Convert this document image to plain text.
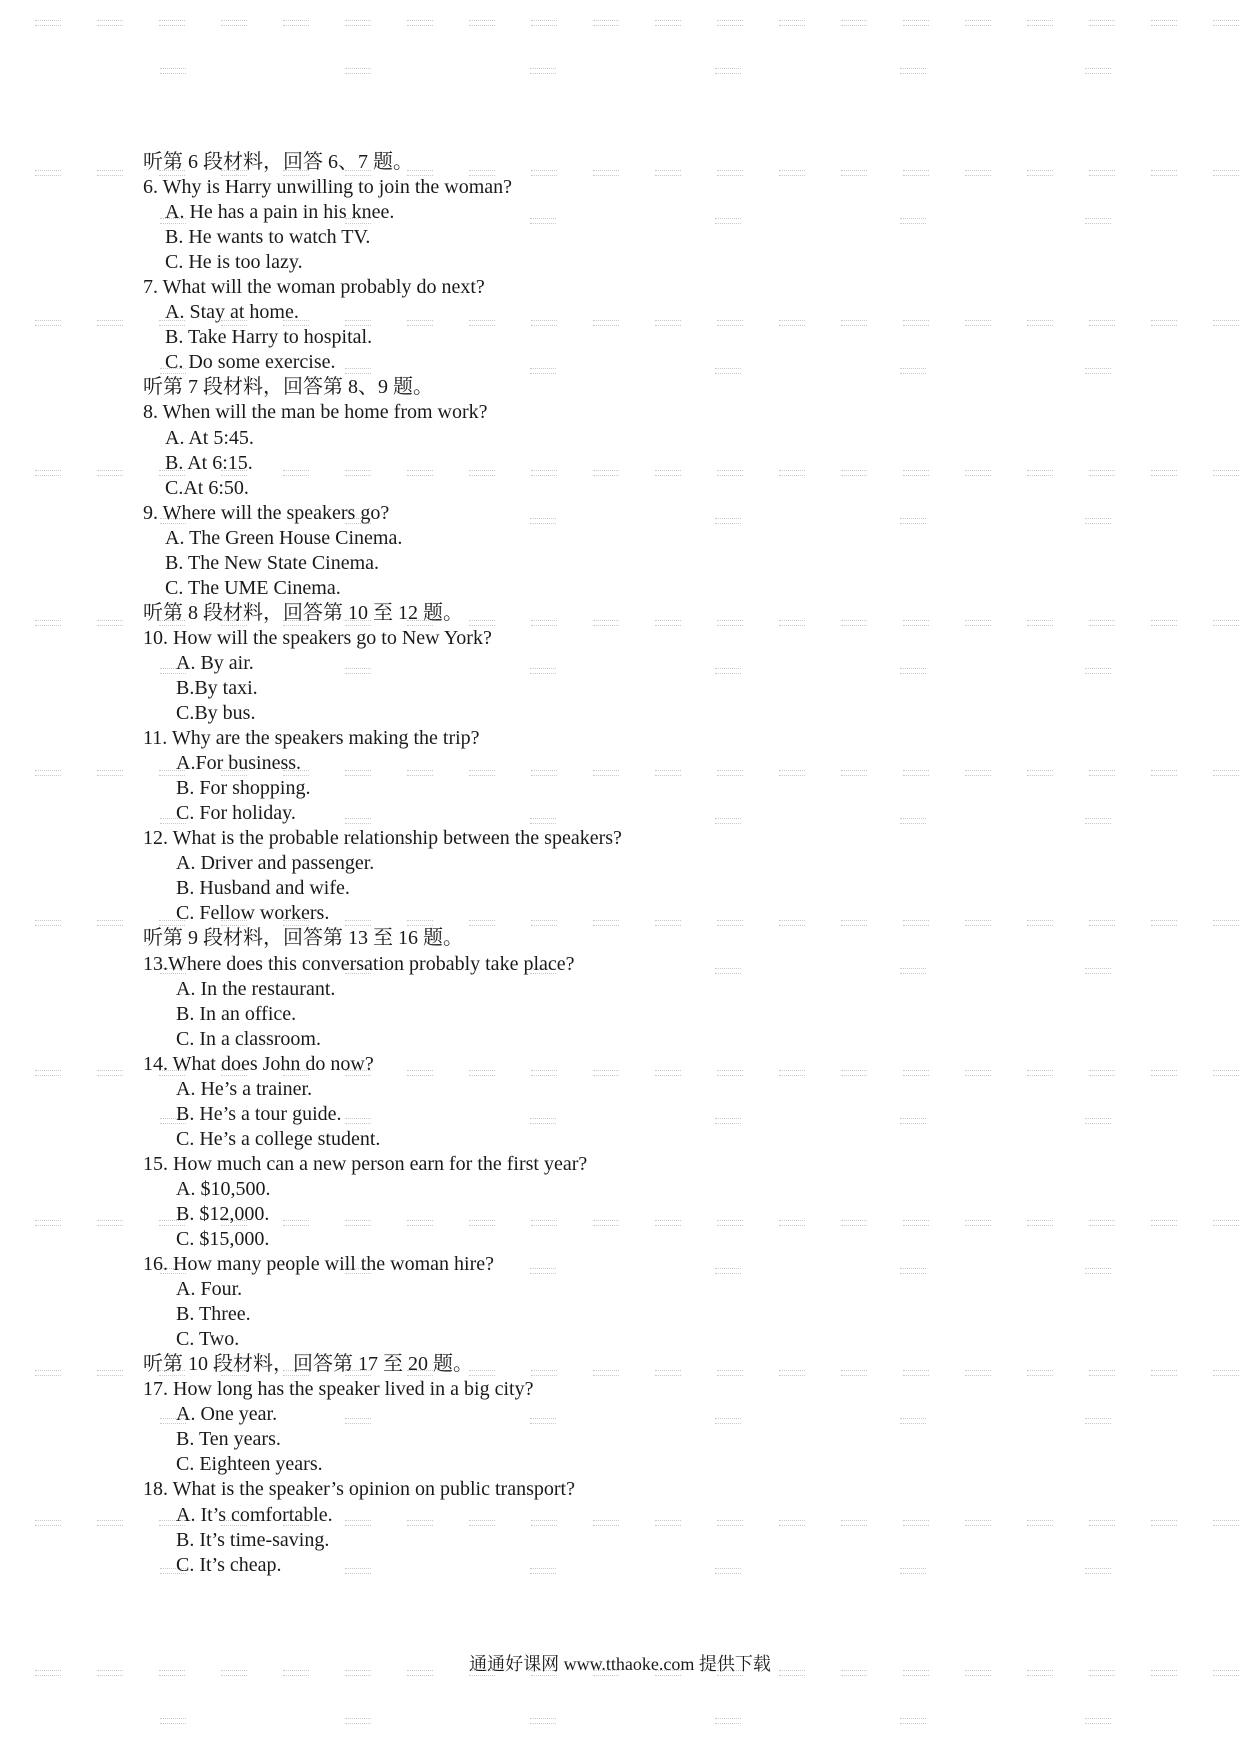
听第 6 段材料，回答 6、7 题。
6. Why is Harry unwilling to join the woman?
A. He has a pain in his knee.
B. He wants to watch TV.
C. He is too lazy.
7. What will the woman probably do next?
A. Stay at home.
B. Take Harry to hospital.
C. Do some exercise.
听第 7 段材料，回答第 8、9 题。
8. When will the man be home from work?
A. At 5:45.
B. At 6:15.
C.At 6:50.
9. Where will the speakers go?
A. The Green House Cinema.
B. The New State Cinema.
C. The UME Cinema.
听第 8 段材料，回答第 10 至 12 题。
10. How will the speakers go to New York?
A. By air.
B.By taxi.
C.By bus.
11. Why are the speakers making the trip?
A.For business.
B. For shopping.
C. For holiday.
12. What is the probable relationship between the speakers?
A. Driver and passenger.
B. Husband and wife.
C. Fellow workers.
听第 9 段材料，回答第 13 至 16 题。
13.Where does this conversation probably take place?
A. In the restaurant.
B. In an office.
C. In a classroom.
14. What does John do now?
A. He’s a trainer.
B. He’s a tour guide.
C. He’s a college student.
15. How much can a new person earn for the first year?
A. $10,500.
B. $12,000.
C. $15,000.
16. How many people will the woman hire?
A. Four.
B. Three.
C. Two.
听第 10 段材料，回答第 17 至 20 题。
17. How long has the speaker lived in a big city?
A. One year.
B. Ten years.
C. Eighteen years.
18. What is the speaker’s opinion on public transport?
A. It’s comfortable.
B. It’s time-saving.
C. It’s cheap.
通通好课网 www.tthaoke.com 提供下载
